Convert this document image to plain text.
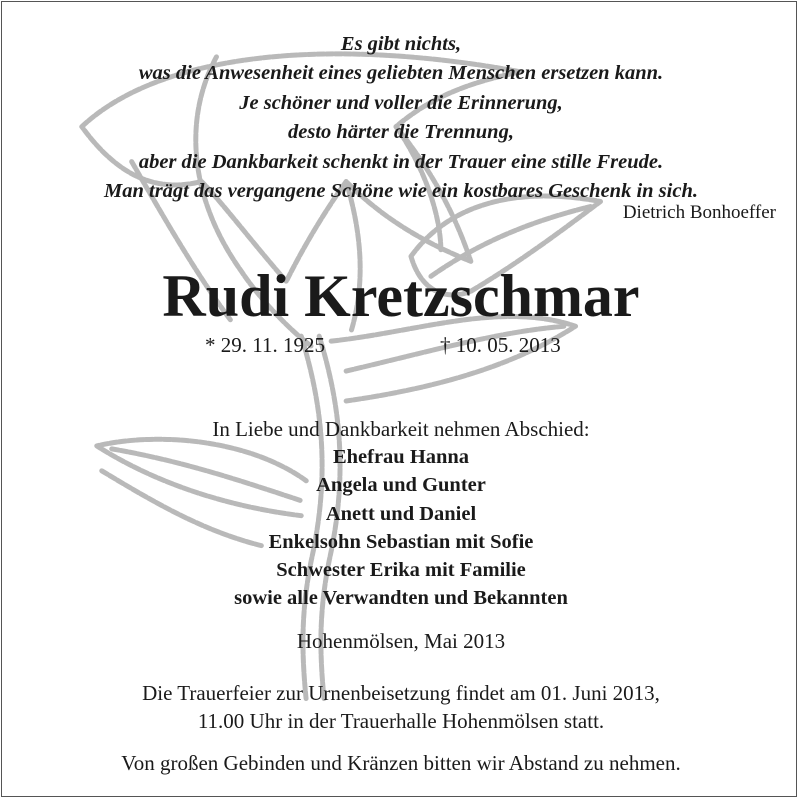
Es gibt nichts,
was die Anwesenheit eines geliebten Menschen ersetzen kann.
Je schöner und voller die Erinnerung,
desto härter die Trennung,
aber die Dankbarkeit schenkt in der Trauer eine stille Freude.
Man trägt das vergangene Schöne wie ein kostbares Geschenk in sich.
Dietrich Bonhoeffer
Rudi Kretzschmar
* 29. 11. 1925	† 10. 05. 2013
In Liebe und Dankbarkeit nehmen Abschied:
Ehefrau Hanna
Angela und Gunter
Anett und Daniel
Enkelsohn Sebastian mit Sofie
Schwester Erika mit Familie
sowie alle Verwandten und Bekannten
Hohenmölsen, Mai 2013
Die Trauerfeier zur Urnenbeisetzung findet am 01. Juni 2013,
11.00 Uhr in der Trauerhalle Hohenmölsen statt.
Von großen Gebinden und Kränzen bitten wir Abstand zu nehmen.
